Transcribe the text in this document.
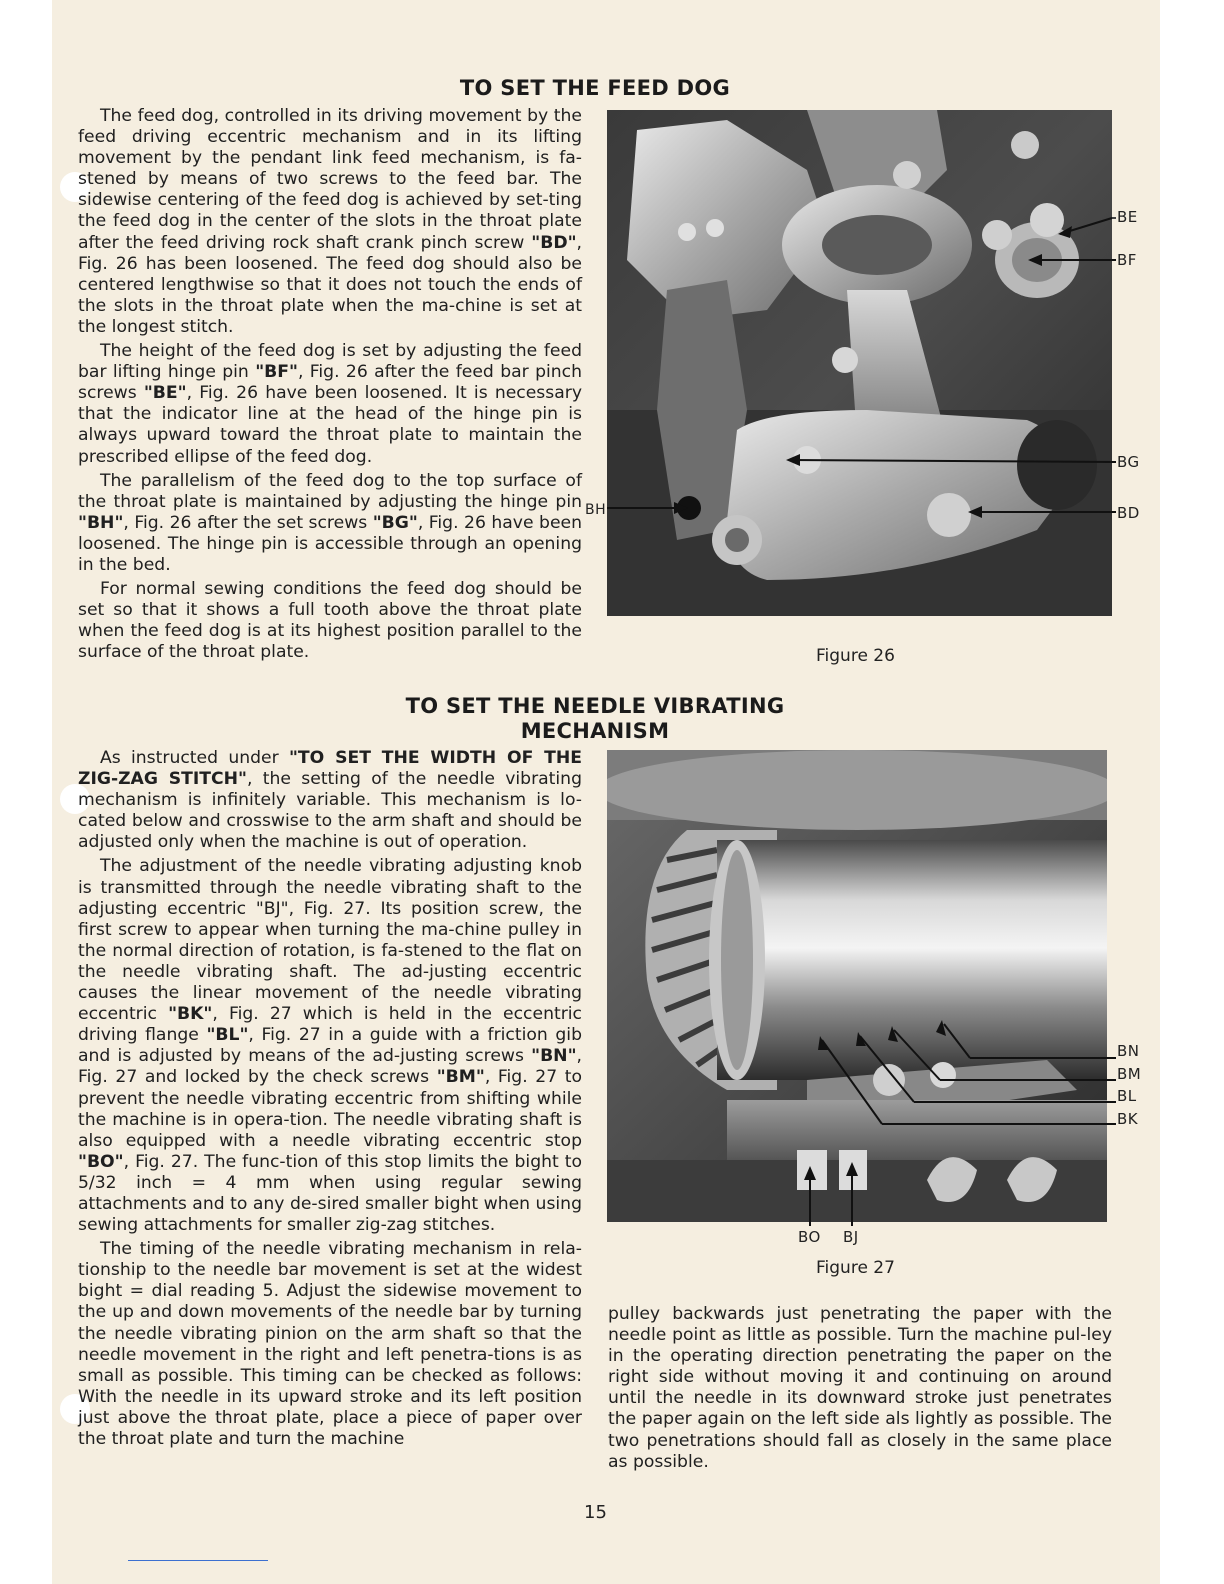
TO SET THE FEED DOG

The feed dog, controlled in its driving movement by the feed driving eccentric mechanism and in its lifting movement by the pendant link feed mechanism, is fa-stened by means of two screws to the feed bar. The sidewise centering of the feed dog is achieved by set-ting the feed dog in the center of the slots in the throat plate after the feed driving rock shaft crank pinch screw "BD", Fig. 26 has been loosened. The feed dog should also be centered lengthwise so that it does not touch the ends of the slots in the throat plate when the ma-chine is set at the longest stitch.

The height of the feed dog is set by adjusting the feed bar lifting hinge pin "BF", Fig. 26 after the feed bar pinch screws "BE", Fig. 26 have been loosened. It is necessary that the indicator line at the head of the hinge pin is always upward toward the throat plate to maintain the prescribed ellipse of the feed dog.

The parallelism of the feed dog to the top surface of the throat plate is maintained by adjusting the hinge pin "BH", Fig. 26 after the set screws "BG", Fig. 26 have been loosened. The hinge pin is accessible through an opening in the bed.

For normal sewing conditions the feed dog should be set so that it shows a full tooth above the throat plate when the feed dog is at its highest position parallel to the surface of the throat plate.

BE
BF
BG
BD
BH
Figure 26
TO SET THE NEEDLE VIBRATING
MECHANISM

As instructed under "TO SET THE WIDTH OF THE ZIG-ZAG STITCH", the setting of the needle vibrating mechanism is infinitely variable. This mechanism is lo-cated below and crosswise to the arm shaft and should be adjusted only when the machine is out of operation.

The adjustment of the needle vibrating adjusting knob is transmitted through the needle vibrating shaft to the adjusting eccentric "BJ", Fig. 27. Its position screw, the first screw to appear when turning the ma-chine pulley in the normal direction of rotation, is fa-stened to the flat on the needle vibrating shaft. The ad-justing eccentric causes the linear movement of the needle vibrating eccentric "BK", Fig. 27 which is held in the eccentric driving flange "BL", Fig. 27 in a guide with a friction gib and is adjusted by means of the ad-justing screws "BN", Fig. 27 and locked by the check screws "BM", Fig. 27 to prevent the needle vibrating eccentric from shifting while the machine is in opera-tion. The needle vibrating shaft is also equipped with a needle vibrating eccentric stop "BO", Fig. 27. The func-tion of this stop limits the bight to 5/32 inch = 4 mm when using regular sewing attachments and to any de-sired smaller bight when using sewing attachments for smaller zig-zag stitches.

The timing of the needle vibrating mechanism in rela-tionship to the needle bar movement is set at the widest bight = dial reading 5. Adjust the sidewise movement to the up and down movements of the needle bar by turning the needle vibrating pinion on the arm shaft so that the needle movement in the right and left penetra-tions is as small as possible. This timing can be checked as follows: With the needle in its upward stroke and its left position just above the throat plate, place a piece of paper over the throat plate and turn the machine

BN
BM
BL
BK
BO BJ
Figure 27

pulley backwards just penetrating the paper with the needle point as little as possible. Turn the machine pul-ley in the operating direction penetrating the paper on the right side without moving it and continuing on around until the needle in its downward stroke just penetrates the paper again on the left side als lightly as possible. The two penetrations should fall as closely in the same place as possible.

15
